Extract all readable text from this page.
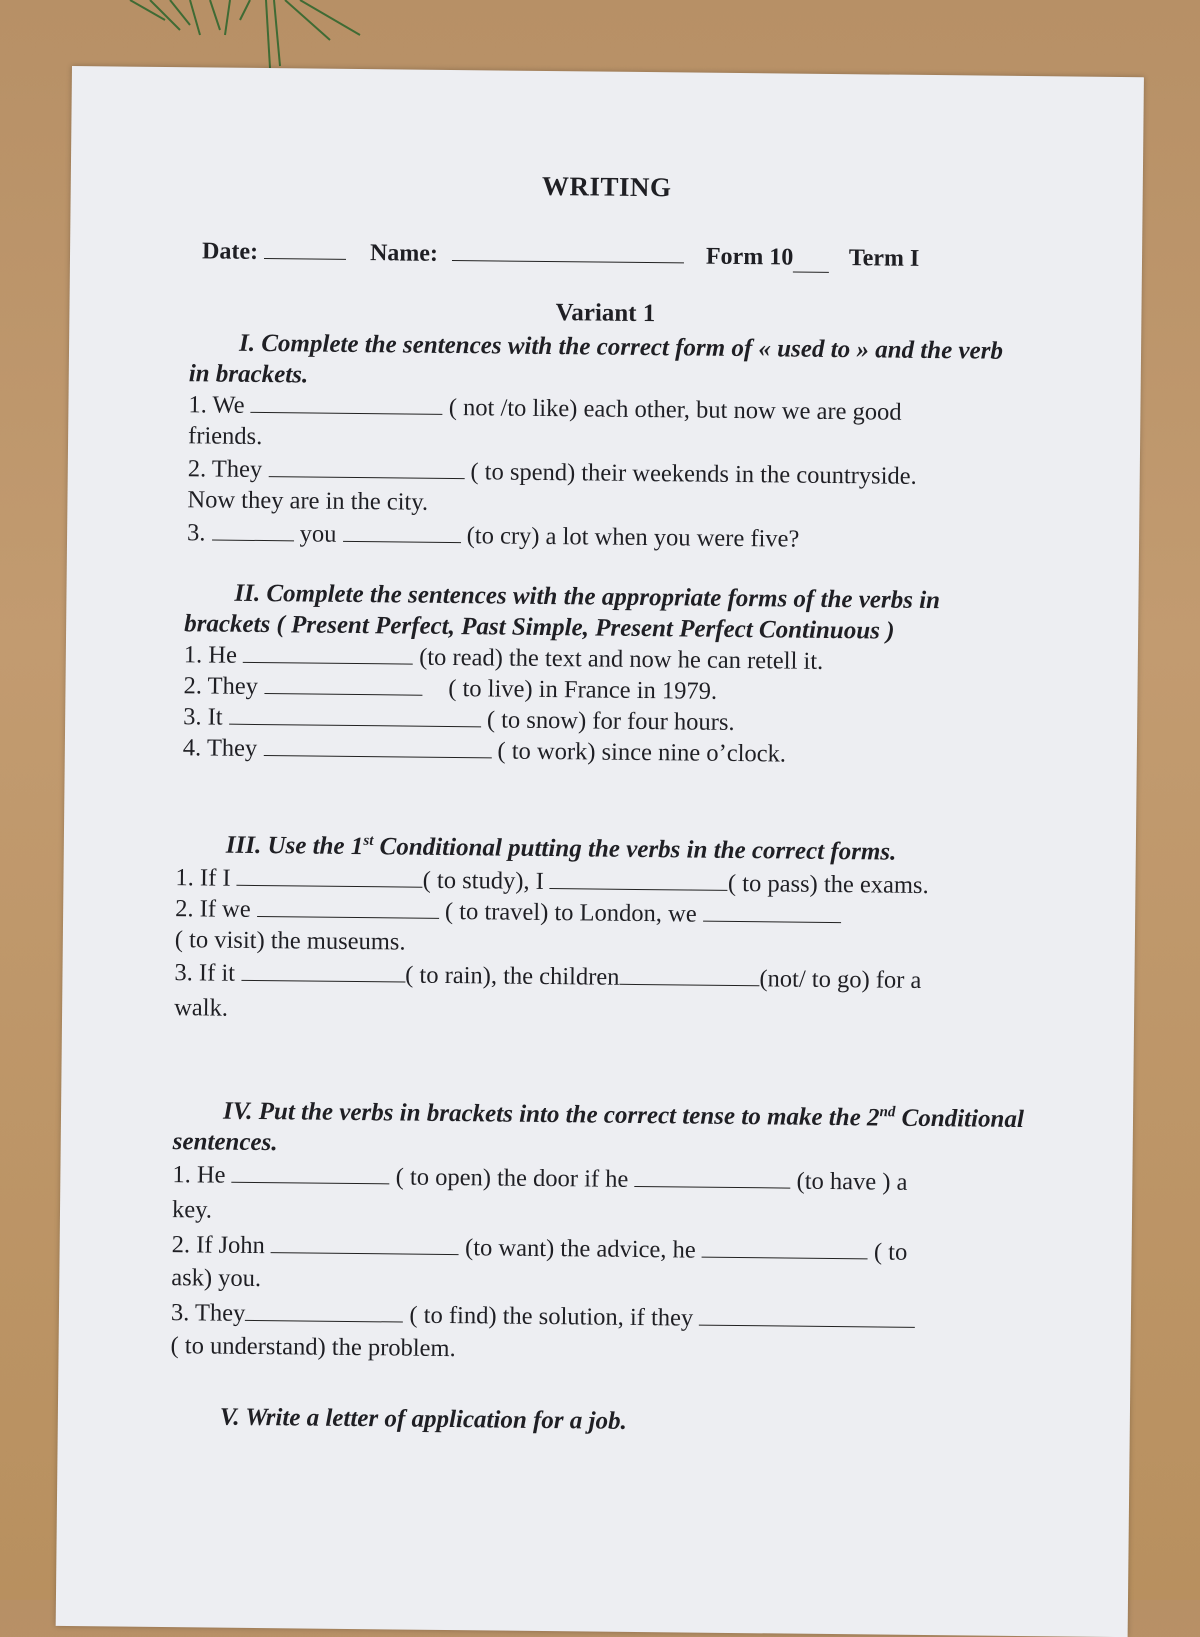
WRITING
Date:	Name:	Form 10 Term I
Variant 1
I. Complete the sentences with the correct form of « used to » and the verb in brackets.
1. We	( not /to like) each other, but now we are good
friends.
2. They	( to spend) their weekends in the countryside.
Now they are in the city.
3.	you	(to cry) a lot when you were five?
II. Complete the sentences with the appropriate forms of the verbs in brackets ( Present Perfect, Past Simple, Present Perfect Continuous )
1. He	(to read) the text and now he can retell it.
2. They	( to live) in France in 1979.
3. It	( to snow) for four hours.
4. They	( to work) since nine o’clock.
III. Use the 1st Conditional putting the verbs in the correct forms.
1. If I	( to study), I	( to pass) the exams.
2. If we	( to travel) to London, we
( to visit) the museums.
3. If it	( to rain), the children	(not/ to go) for a
walk.
IV. Put the verbs in brackets into the correct tense to make the 2nd Conditional sentences.
1. He	( to open) the door if he	(to have ) a
key.
2. If John	(to want) the advice, he	( to
ask) you.
3. They	( to find) the solution, if they
( to understand) the problem.
V. Write a letter of application for a job.
